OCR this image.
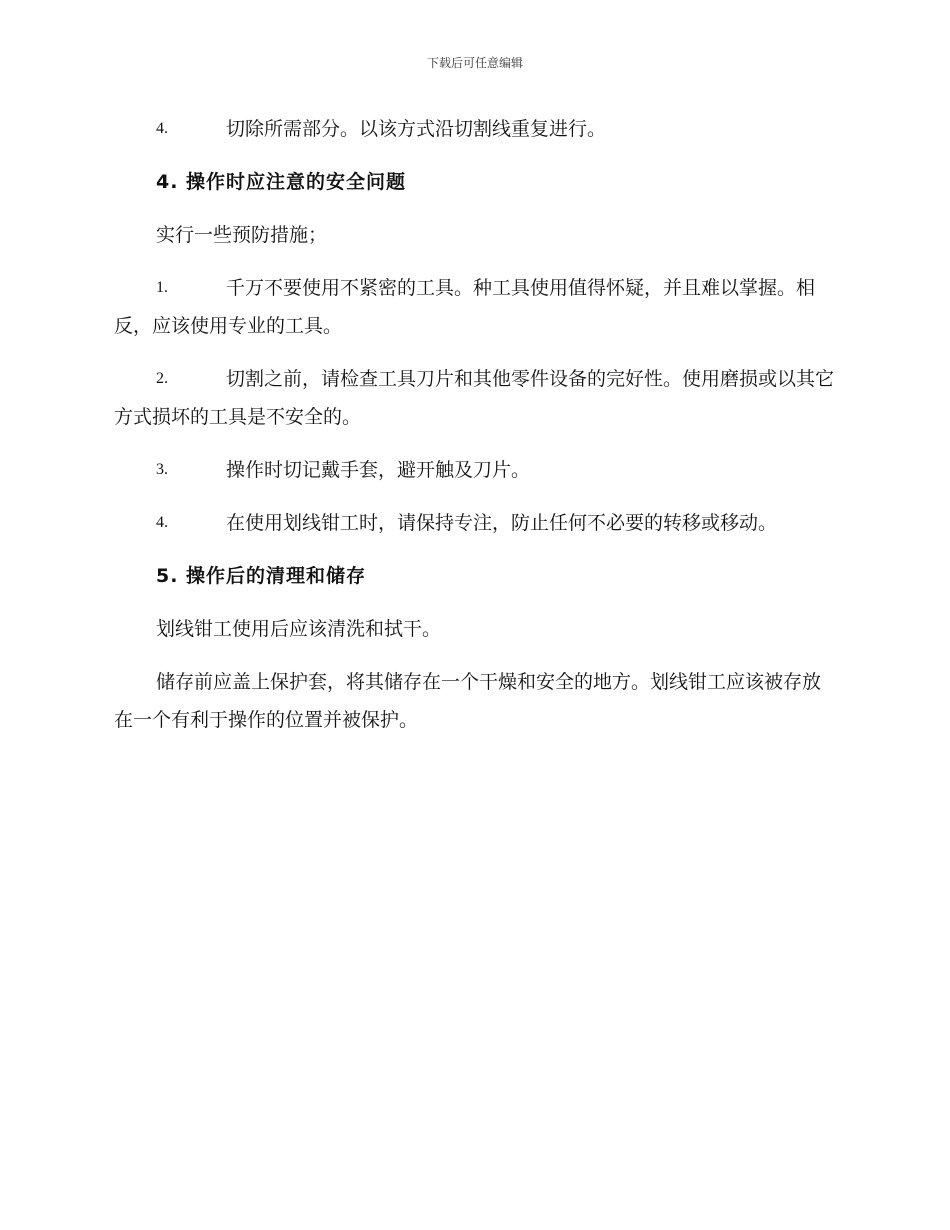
下载后可任意编辑

4.	切除所需部分。以该方式沿切割线重复进行。

4. 操作时应注意的安全问题

实行一些预防措施；

1.	千万不要使用不紧密的工具。种工具使用值得怀疑，并且难以掌握。相反，应该使用专业的工具。

2.	切割之前，请检查工具刀片和其他零件设备的完好性。使用磨损或以其它方式损坏的工具是不安全的。

3.	操作时切记戴手套，避开触及刀片。

4.	在使用划线钳工时，请保持专注，防止任何不必要的转移或移动。

5. 操作后的清理和储存

划线钳工使用后应该清洗和拭干。

储存前应盖上保护套，将其储存在一个干燥和安全的地方。划线钳工应该被存放在一个有利于操作的位置并被保护。
